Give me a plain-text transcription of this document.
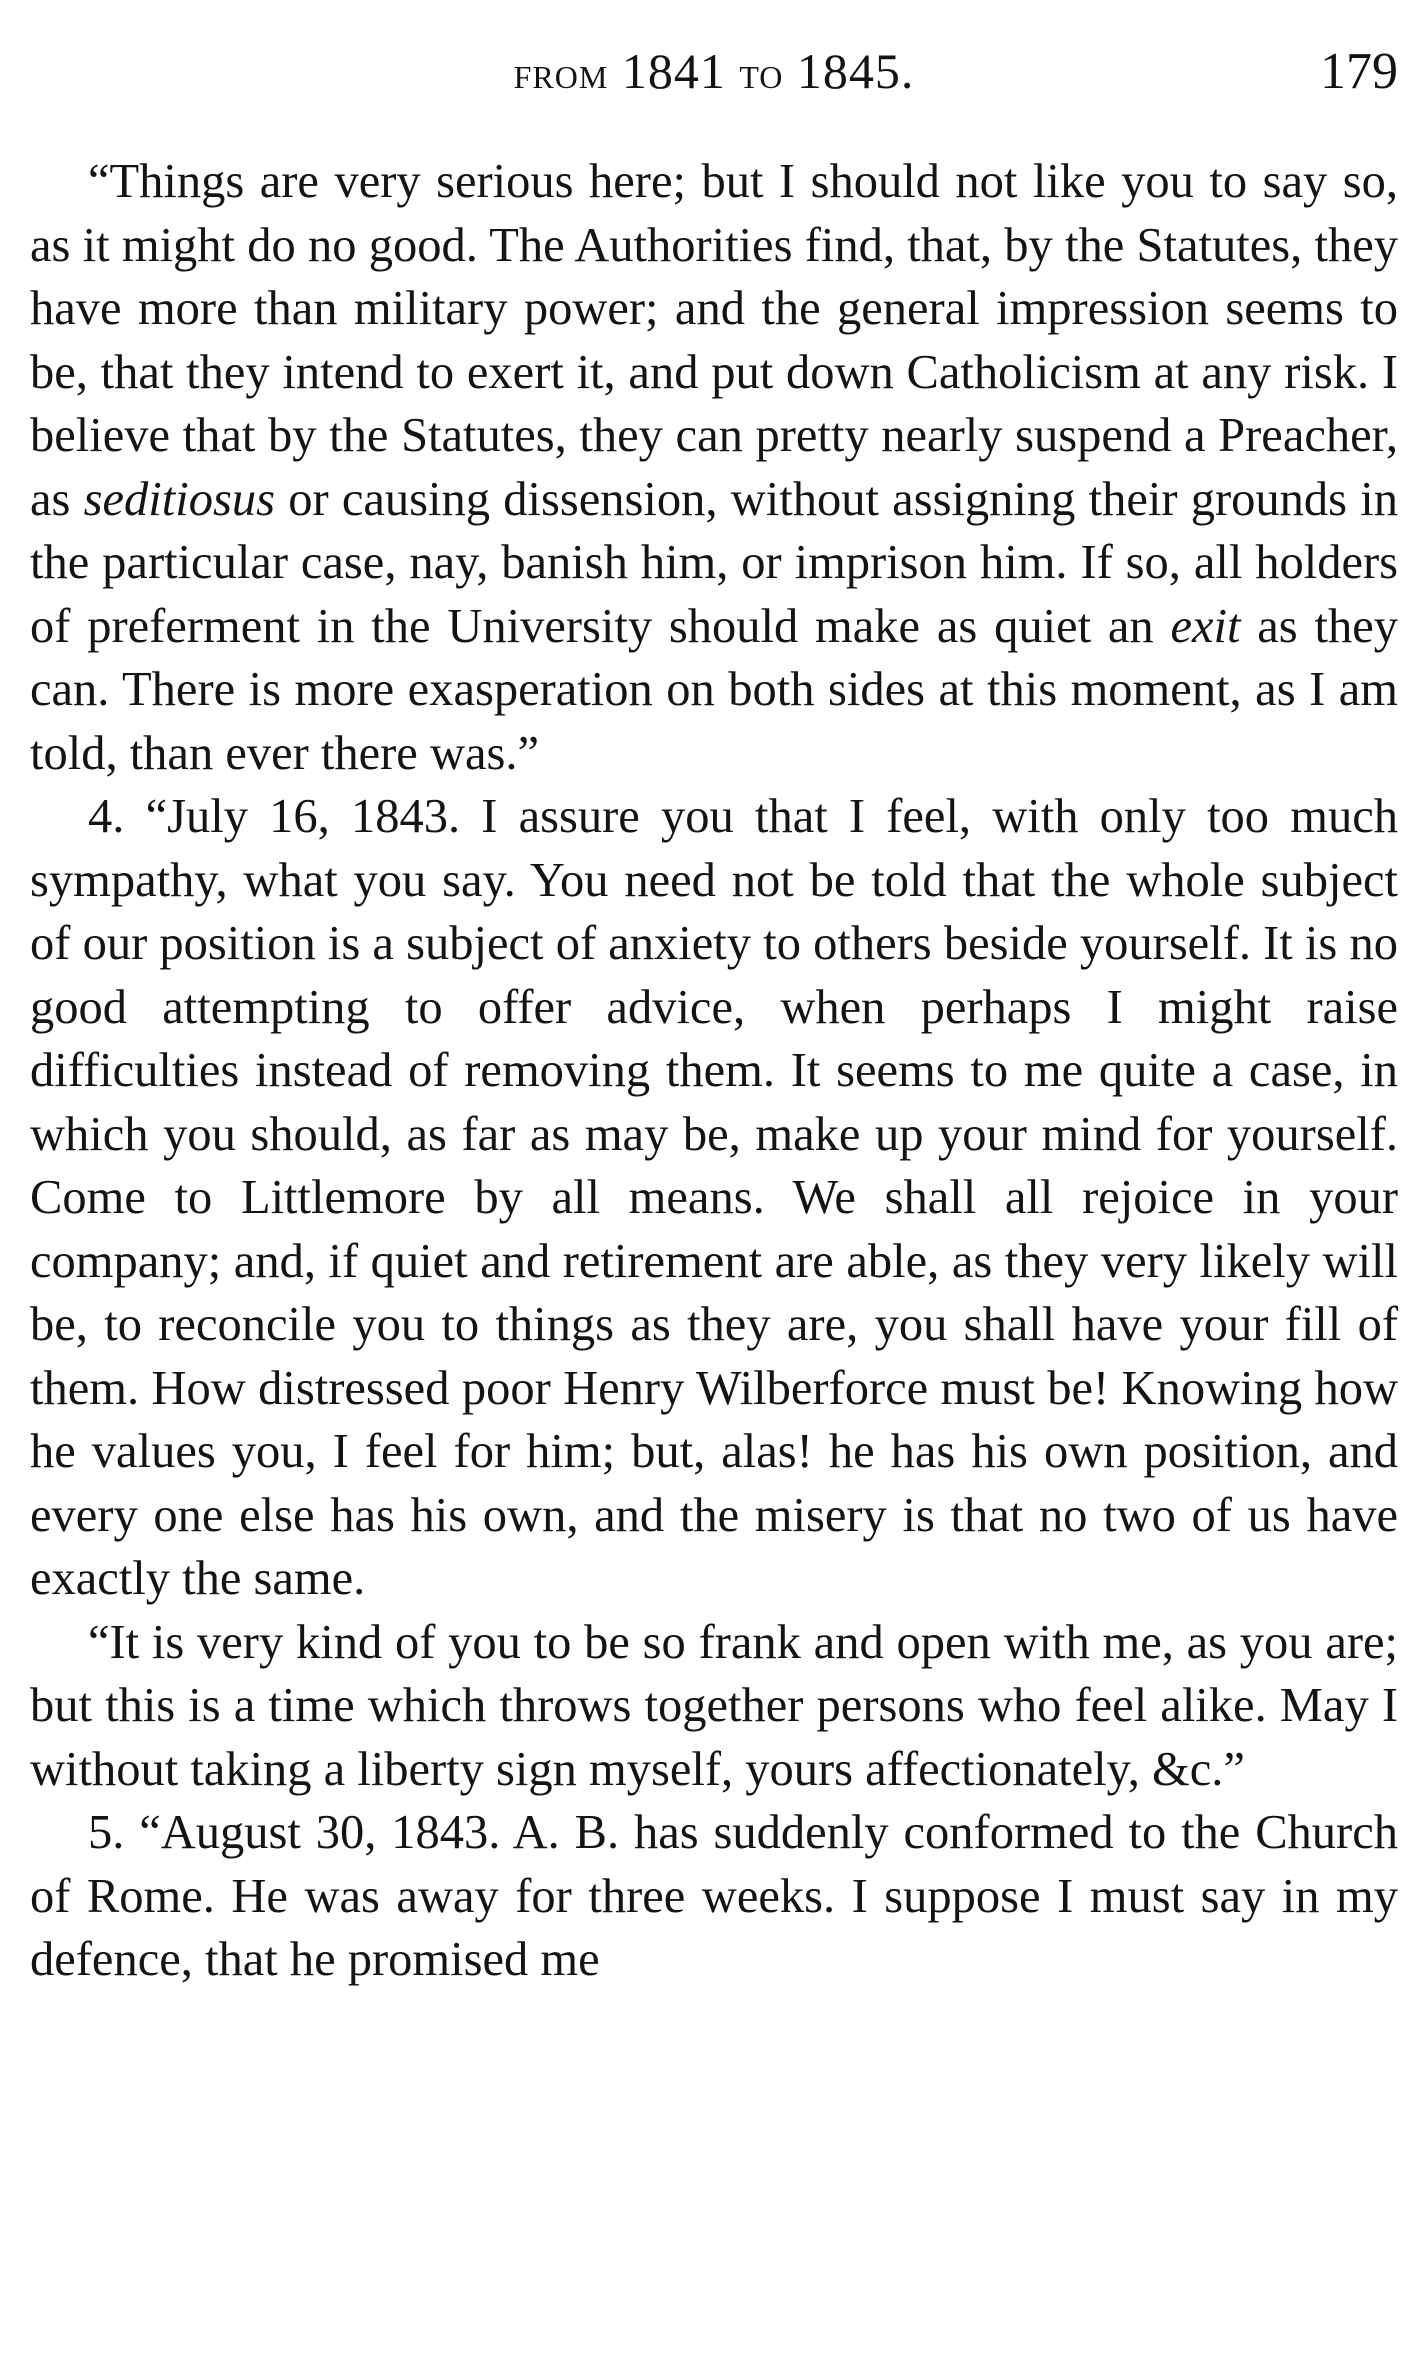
from 1841 to 1845.	179

“Things are very serious here; but I should not like you to say so, as it might do no good. The Authorities find, that, by the Statutes, they have more than military power; and the general impression seems to be, that they intend to exert it, and put down Catholicism at any risk. I believe that by the Statutes, they can pretty nearly suspend a Preacher, as seditiosus or causing dissension, without assigning their grounds in the particular case, nay, banish him, or imprison him. If so, all holders of preferment in the University should make as quiet an exit as they can. There is more exasperation on both sides at this moment, as I am told, than ever there was.”

4. “July 16, 1843. I assure you that I feel, with only too much sympathy, what you say. You need not be told that the whole subject of our position is a subject of anxiety to others beside yourself. It is no good attempting to offer advice, when perhaps I might raise difficulties instead of removing them. It seems to me quite a case, in which you should, as far as may be, make up your mind for yourself. Come to Littlemore by all means. We shall all rejoice in your company; and, if quiet and retirement are able, as they very likely will be, to reconcile you to things as they are, you shall have your fill of them. How distressed poor Henry Wilberforce must be! Knowing how he values you, I feel for him; but, alas! he has his own position, and every one else has his own, and the misery is that no two of us have exactly the same.

“It is very kind of you to be so frank and open with me, as you are; but this is a time which throws together persons who feel alike. May I without taking a liberty sign myself, yours affectionately, &c.”

5. “August 30, 1843. A. B. has suddenly conformed to the Church of Rome. He was away for three weeks. I suppose I must say in my defence, that he promised me
